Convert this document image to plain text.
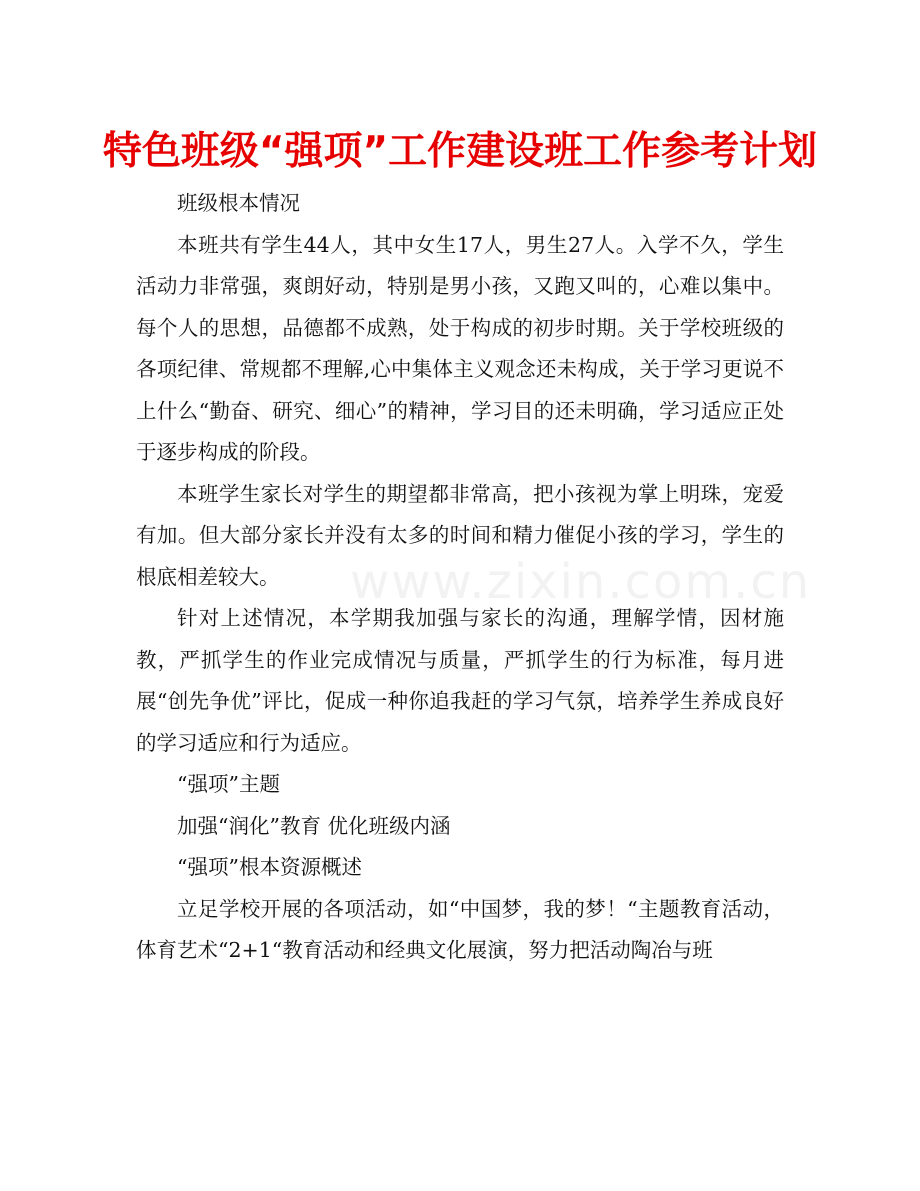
特色班级“强项”工作建设班工作参考计划

班级根本情况

本班共有学生44人，其中女生17人，男生27人。入学不久，学生活动力非常强，爽朗好动，特别是男小孩，又跑又叫的，心难以集中。每个人的思想，品德都不成熟，处于构成的初步时期。关于学校班级的各项纪律、常规都不理解,心中集体主义观念还未构成，关于学习更说不上什么“勤奋、研究、细心”的精神，学习目的还未明确，学习适应正处于逐步构成的阶段。

本班学生家长对学生的期望都非常高，把小孩视为掌上明珠，宠爱有加。但大部分家长并没有太多的时间和精力催促小孩的学习，学生的根底相差较大。

针对上述情况，本学期我加强与家长的沟通，理解学情，因材施教，严抓学生的作业完成情况与质量，严抓学生的行为标准，每月进展“创先争优”评比，促成一种你追我赶的学习气氛，培养学生养成良好的学习适应和行为适应。

“强项”主题

加强“润化”教育 优化班级内涵

“强项”根本资源概述

立足学校开展的各项活动，如“中国梦，我的梦！“主题教育活动，体育艺术“2+1“教育活动和经典文化展演，努力把活动陶冶与班

www.zixin.com.cn
